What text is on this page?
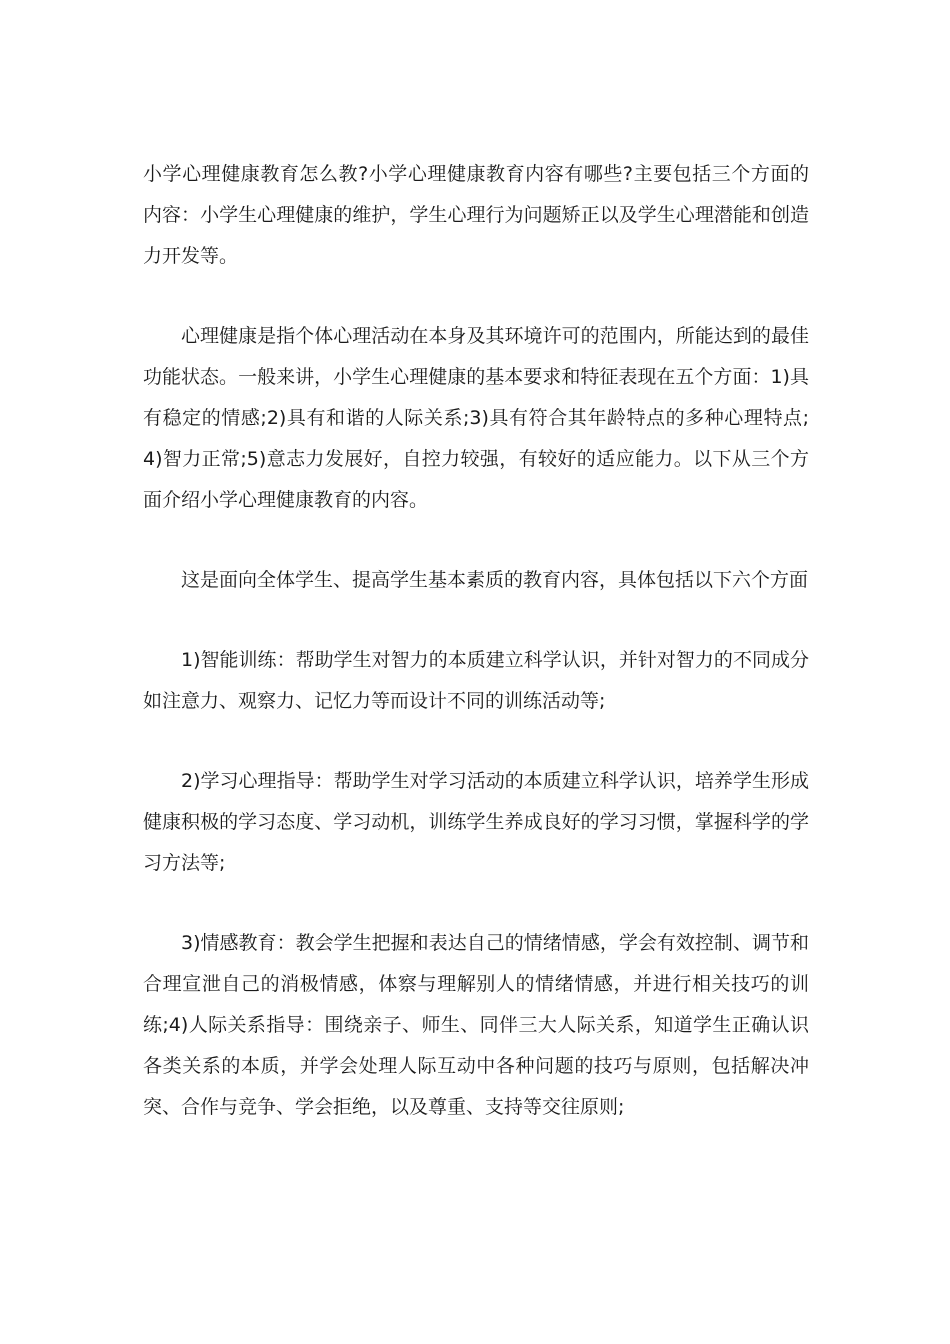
小学心理健康教育怎么教?小学心理健康教育内容有哪些?主要包括三个方面的内容：小学生心理健康的维护，学生心理行为问题矫正以及学生心理潜能和创造力开发等。

心理健康是指个体心理活动在本身及其环境许可的范围内，所能达到的最佳功能状态。一般来讲，小学生心理健康的基本要求和特征表现在五个方面：1)具有稳定的情感;2)具有和谐的人际关系;3)具有符合其年龄特点的多种心理特点;4)智力正常;5)意志力发展好，自控力较强，有较好的适应能力。以下从三个方面介绍小学心理健康教育的内容。

这是面向全体学生、提高学生基本素质的教育内容，具体包括以下六个方面

1)智能训练：帮助学生对智力的本质建立科学认识，并针对智力的不同成分如注意力、观察力、记忆力等而设计不同的训练活动等;

2)学习心理指导：帮助学生对学习活动的本质建立科学认识，培养学生形成健康积极的学习态度、学习动机，训练学生养成良好的学习习惯，掌握科学的学习方法等;

3)情感教育：教会学生把握和表达自己的情绪情感，学会有效控制、调节和合理宣泄自己的消极情感，体察与理解别人的情绪情感，并进行相关技巧的训练;4)人际关系指导：围绕亲子、师生、同伴三大人际关系，知道学生正确认识各类关系的本质，并学会处理人际互动中各种问题的技巧与原则，包括解决冲突、合作与竞争、学会拒绝，以及尊重、支持等交往原则;
